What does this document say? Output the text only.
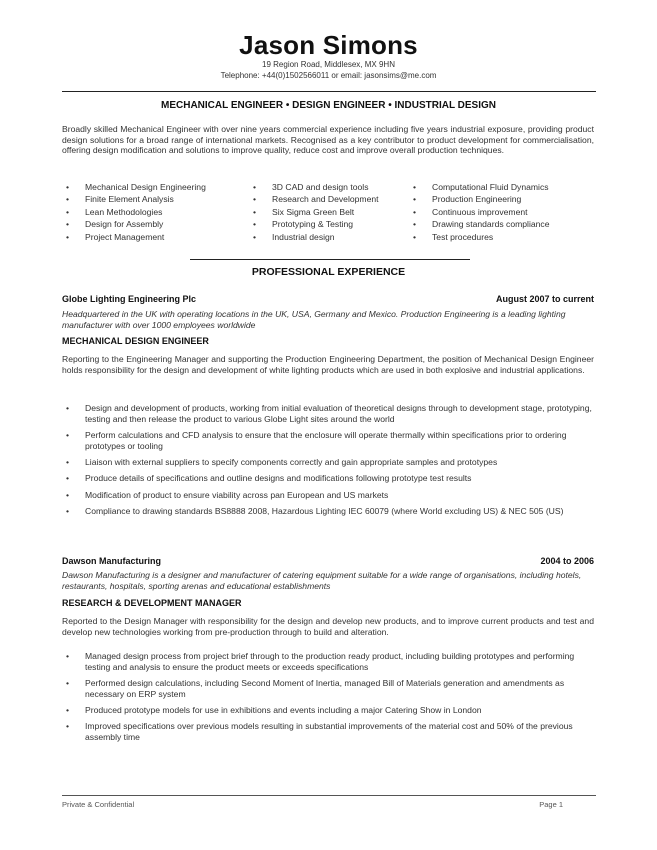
Jason Simons
19 Region Road, Middlesex, MX 9HN
Telephone: +44(0)1502566011 or email: jasonsims@me.com
MECHANICAL ENGINEER • DESIGN ENGINEER • INDUSTRIAL DESIGN
Broadly skilled Mechanical Engineer with over nine years commercial experience including five years industrial exposure, providing product design solutions for a broad range of international markets. Recognised as a key contributor to product development for commercialisation, offering design modification and solutions to improve quality, reduce cost and improve overall production techniques.
• Mechanical Design Engineering
• Finite Element Analysis
• Lean Methodologies
• Design for Assembly
• Project Management
• 3D CAD and design tools
• Research and Development
• Six Sigma Green Belt
• Prototyping & Testing
• Industrial design
• Computational Fluid Dynamics
• Production Engineering
• Continuous improvement
• Drawing standards compliance
• Test procedures
PROFESSIONAL EXPERIENCE
Globe Lighting Engineering Plc	August 2007 to current
Headquartered in the UK with operating locations in the UK, USA, Germany and Mexico. Production Engineering is a leading lighting manufacturer with over 1000 employees worldwide
MECHANICAL DESIGN ENGINEER
Reporting to the Engineering Manager and supporting the Production Engineering Department, the position of Mechanical Design Engineer holds responsibility for the design and development of white lighting products which are used in both explosive and industrial applications.
• Design and development of products, working from initial evaluation of theoretical designs through to development stage, prototyping, testing and then release the product to various Globe Light sites around the world
• Perform calculations and CFD analysis to ensure that the enclosure will operate thermally within specifications prior to ordering prototypes or tooling
• Liaison with external suppliers to specify components correctly and gain appropriate samples and prototypes
• Produce details of specifications and outline designs and modifications following prototype test results
• Modification of product to ensure viability across pan European and US markets
• Compliance to drawing standards BS8888 2008, Hazardous Lighting IEC 60079 (where World excluding US) & NEC 505 (US)
Dawson Manufacturing	2004 to 2006
Dawson Manufacturing is a designer and manufacturer of catering equipment suitable for a wide range of organisations, including hotels, restaurants, hospitals, sporting arenas and educational establishments
RESEARCH & DEVELOPMENT MANAGER
Reported to the Design Manager with responsibility for the design and develop new products, and to improve current products and test and develop new technologies working from pre-production through to build and alteration.
• Managed design process from project brief through to the production ready product, including building prototypes and performing testing and analysis to ensure the product meets or exceeds specifications
• Performed design calculations, including Second Moment of Inertia, managed Bill of Materials generation and amendments as necessary on ERP system
• Produced prototype models for use in exhibitions and events including a major Catering Show in London
• Improved specifications over previous models resulting in substantial improvements of the material cost and 50% of the previous assembly time
Private & Confidential	Page 1
